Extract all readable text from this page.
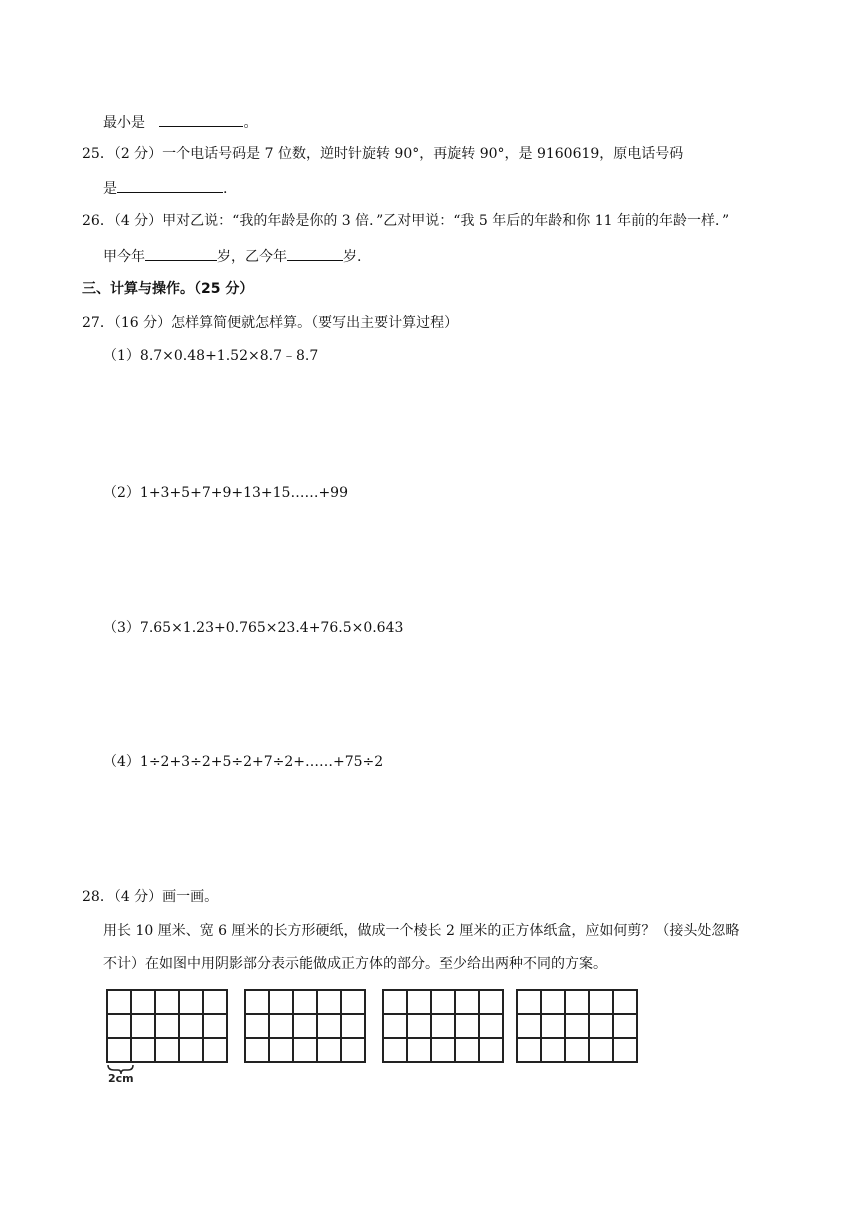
最小是	。
25．（2 分）一个电话号码是 7 位数，逆时针旋转 90°，再旋转 90°，是 9160619，原电话号码
是	.
26．（4 分）甲对乙说：“我的年龄是你的 3 倍．”乙对甲说：“我 5 年后的年龄和你 11 年前的年龄一样．”
甲今年	岁，乙今年	岁.
三、计算与操作。（25 分）
27．（16 分）怎样算简便就怎样算。（要写出主要计算过程）
（1）8.7×0.48+1.52×8.7﹣8.7
（2）1+3+5+7+9+13+15……+99
（3）7.65×1.23+0.765×23.4+76.5×0.643
（4）1÷2+3÷2+5÷2+7÷2+……+75÷2
28．（4 分）画一画。
用长 10 厘米、宽 6 厘米的长方形硬纸，做成一个棱长 2 厘米的正方体纸盒，应如何剪？（接头处忽略
不计）在如图中用阴影部分表示能做成正方体的部分。至少给出两种不同的方案。

2cm
